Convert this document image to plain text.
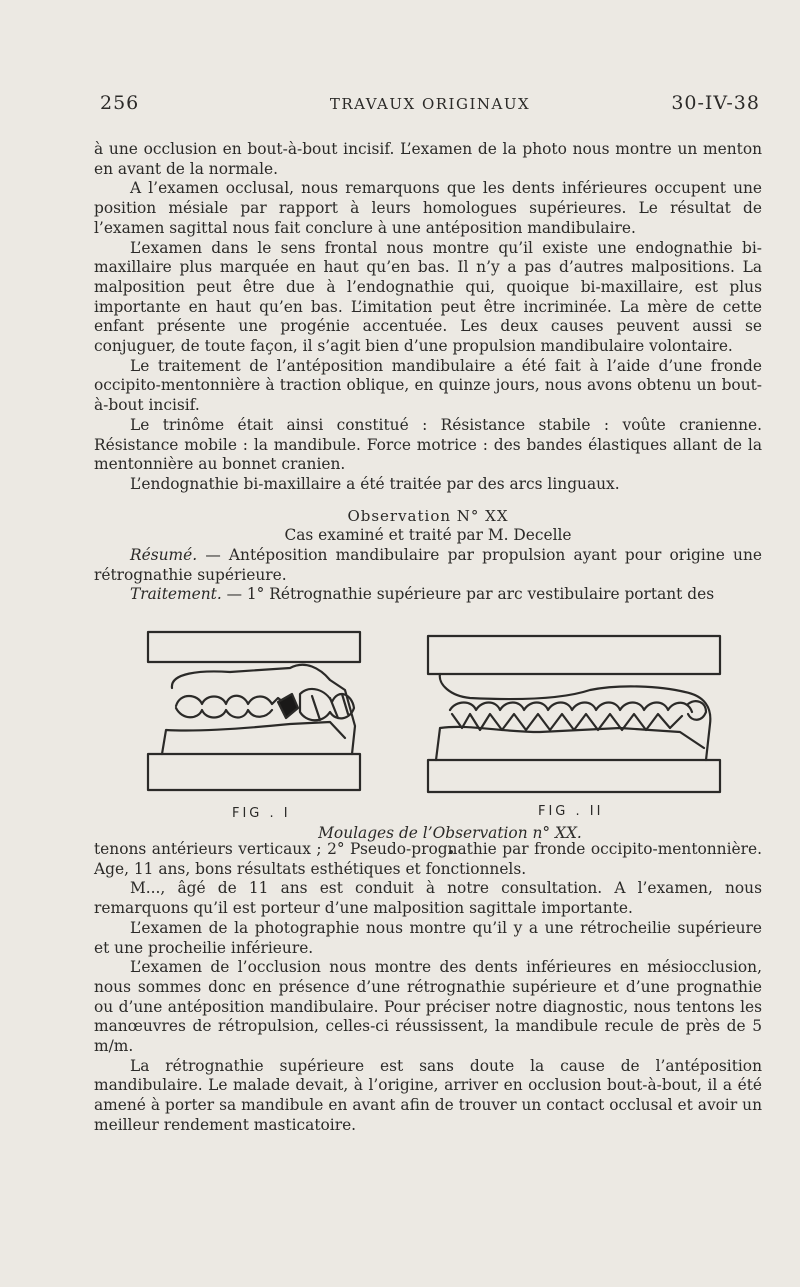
256	TRAVAUX ORIGINAUX	30-IV-38

à une occlusion en bout-à-bout incisif. L’examen de la photo nous montre un menton en avant de la normale.

A l’examen occlusal, nous remarquons que les dents inférieures occupent une position mésiale par rapport à leurs homologues supérieures. Le résultat de l’examen sagittal nous fait conclure à une antéposition mandibulaire.

L’examen dans le sens frontal nous montre qu’il existe une endognathie bi-maxillaire plus marquée en haut qu’en bas. Il n’y a pas d’autres malpositions. La malposition peut être due à l’endognathie qui, quoique bi-maxillaire, est plus importante en haut qu’en bas. L’imitation peut être incriminée. La mère de cette enfant présente une progénie accentuée. Les deux causes peuvent aussi se conjuguer, de toute façon, il s’agit bien d’une propulsion mandibulaire volontaire.

Le traitement de l’antéposition mandibulaire a été fait à l’aide d’une fronde occipito-mentonnière à traction oblique, en quinze jours, nous avons obtenu un bout-à-bout incisif.

Le trinôme était ainsi constitué : Résistance stabile : voûte cranienne. Résistance mobile : la mandibule. Force motrice : des bandes élastiques allant de la mentonnière au bonnet cranien.

L’endognathie bi-maxillaire a été traitée par des arcs linguaux.

Observation N° XX

Cas examiné et traité par M. Decelle

Résumé. — Antéposition mandibulaire par propulsion ayant pour origine une rétrognathie supérieure.

Traitement. — 1° Rétrognathie supérieure par arc vestibulaire portant des

FIG . I	FIG . II
Moulages de l’Observation n° XX.

tenons antérieurs verticaux ; 2° Pseudo-prognathie par fronde occipito-mentonnière. Age, 11 ans, bons résultats esthétiques et fonctionnels.

M..., âgé de 11 ans est conduit à notre consultation. A l’examen, nous remarquons qu’il est porteur d’une malposition sagittale importante.

L’examen de la photographie nous montre qu’il y a une rétrocheilie supérieure et une procheilie inférieure.

L’examen de l’occlusion nous montre des dents inférieures en mésiocclusion, nous sommes donc en présence d’une rétrognathie supérieure et d’une prognathie ou d’une antéposition mandibulaire. Pour préciser notre diagnostic, nous tentons les manœuvres de rétropulsion, celles-ci réussissent, la mandibule recule de près de 5 m/m.

La rétrognathie supérieure est sans doute la cause de l’antéposition mandibulaire. Le malade devait, à l’origine, arriver en occlusion bout-à-bout, il a été amené à porter sa mandibule en avant afin de trouver un contact occlusal et avoir un meilleur rendement masticatoire.
